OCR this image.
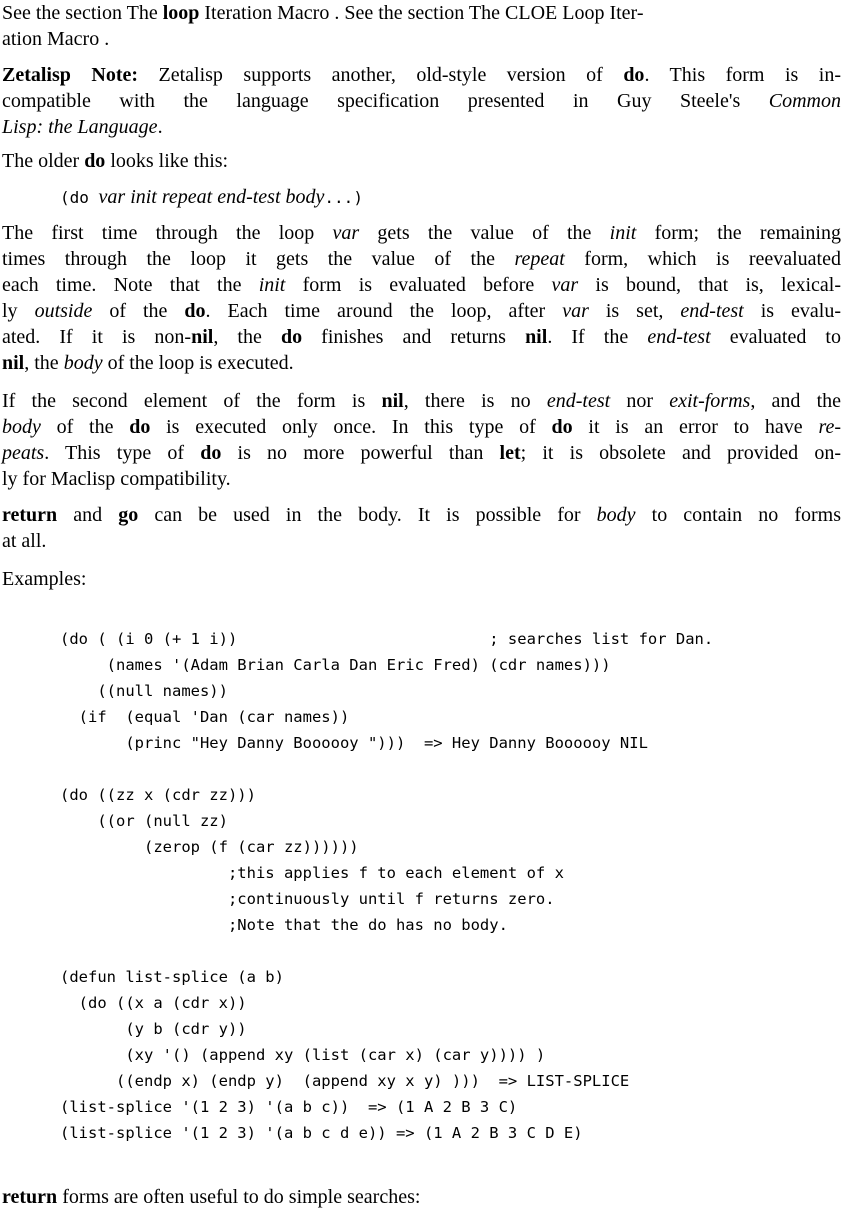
See the section The loop Iteration Macro . See the section The CLOE Loop Iter-

ation Macro .

Zetalisp Note: Zetalisp supports another, old-style version of do. This form is in-

compatible with the language specification presented in Guy Steele's Common

Lisp: the Language.

The older do looks like this:

(do var init repeat end-test body...)

The first time through the loop var gets the value of the init form; the remaining

times through the loop it gets the value of the repeat form, which is reevaluated

each time. Note that the init form is evaluated before var is bound, that is, lexical-

ly outside of the do. Each time around the loop, after var is set, end-test is evalu-

ated. If it is non-nil, the do finishes and returns nil. If the end-test evaluated to

nil, the body of the loop is executed.

If the second element of the form is nil, there is no end-test nor exit-forms, and the

body of the do is executed only once. In this type of do it is an error to have re-

peats. This type of do is no more powerful than let; it is obsolete and provided on-

ly for Maclisp compatibility.

return and go can be used in the body. It is possible for body to contain no forms

at all.

Examples:

(do ( (i 0 (+ 1 i))                           ; searches list for Dan.
(names '(Adam Brian Carla Dan Eric Fred) (cdr names)))
((null names))
(if  (equal 'Dan (car names))
(princ "Hey Danny Boooooy ")))  => Hey Danny Boooooy NIL

(do ((zz x (cdr zz)))
((or (null zz)
(zerop (f (car zz))))))
;this applies f to each element of x
;continuously until f returns zero.
;Note that the do has no body.

(defun list-splice (a b)
(do ((x a (cdr x))
(y b (cdr y))
(xy '() (append xy (list (car x) (car y)))) )
((endp x) (endp y)  (append xy x y) )))  => LIST-SPLICE
(list-splice '(1 2 3) '(a b c))  => (1 A 2 B 3 C)
(list-splice '(1 2 3) '(a b c d e)) => (1 A 2 B 3 C D E)

return forms are often useful to do simple searches:
